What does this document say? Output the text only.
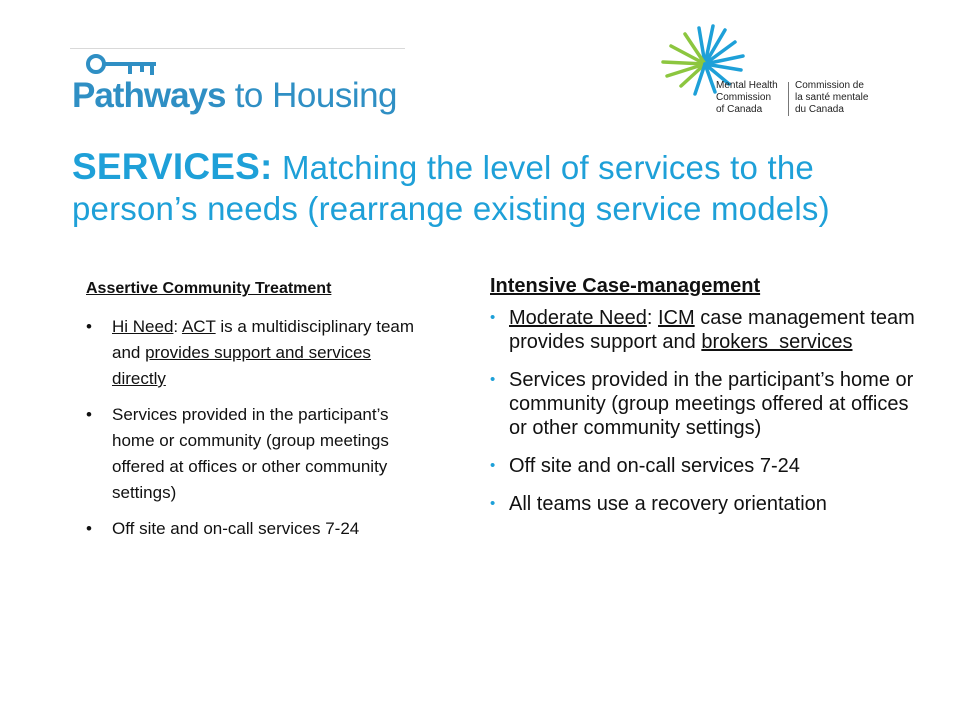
Pathways to Housing	Mental Health
Commission
of Canada
Commission de
la santé mentale
du Canada
SERVICES: Matching the level of services to the person’s needs (rearrange existing service models)
Assertive Community Treatment
• Hi Need: ACT is a multidisciplinary team and provides support and services directly
• Services provided in the participant’s home or community (group meetings offered at offices or other community settings)
• Off site and on-call services 7-24
Intensive Case-management
• Moderate Need: ICM case management team provides support and brokers  services
• Services provided in the participant’s home or community (group meetings offered at offices or other community settings)
• Off site and on-call services 7-24
• All teams use a recovery orientation
